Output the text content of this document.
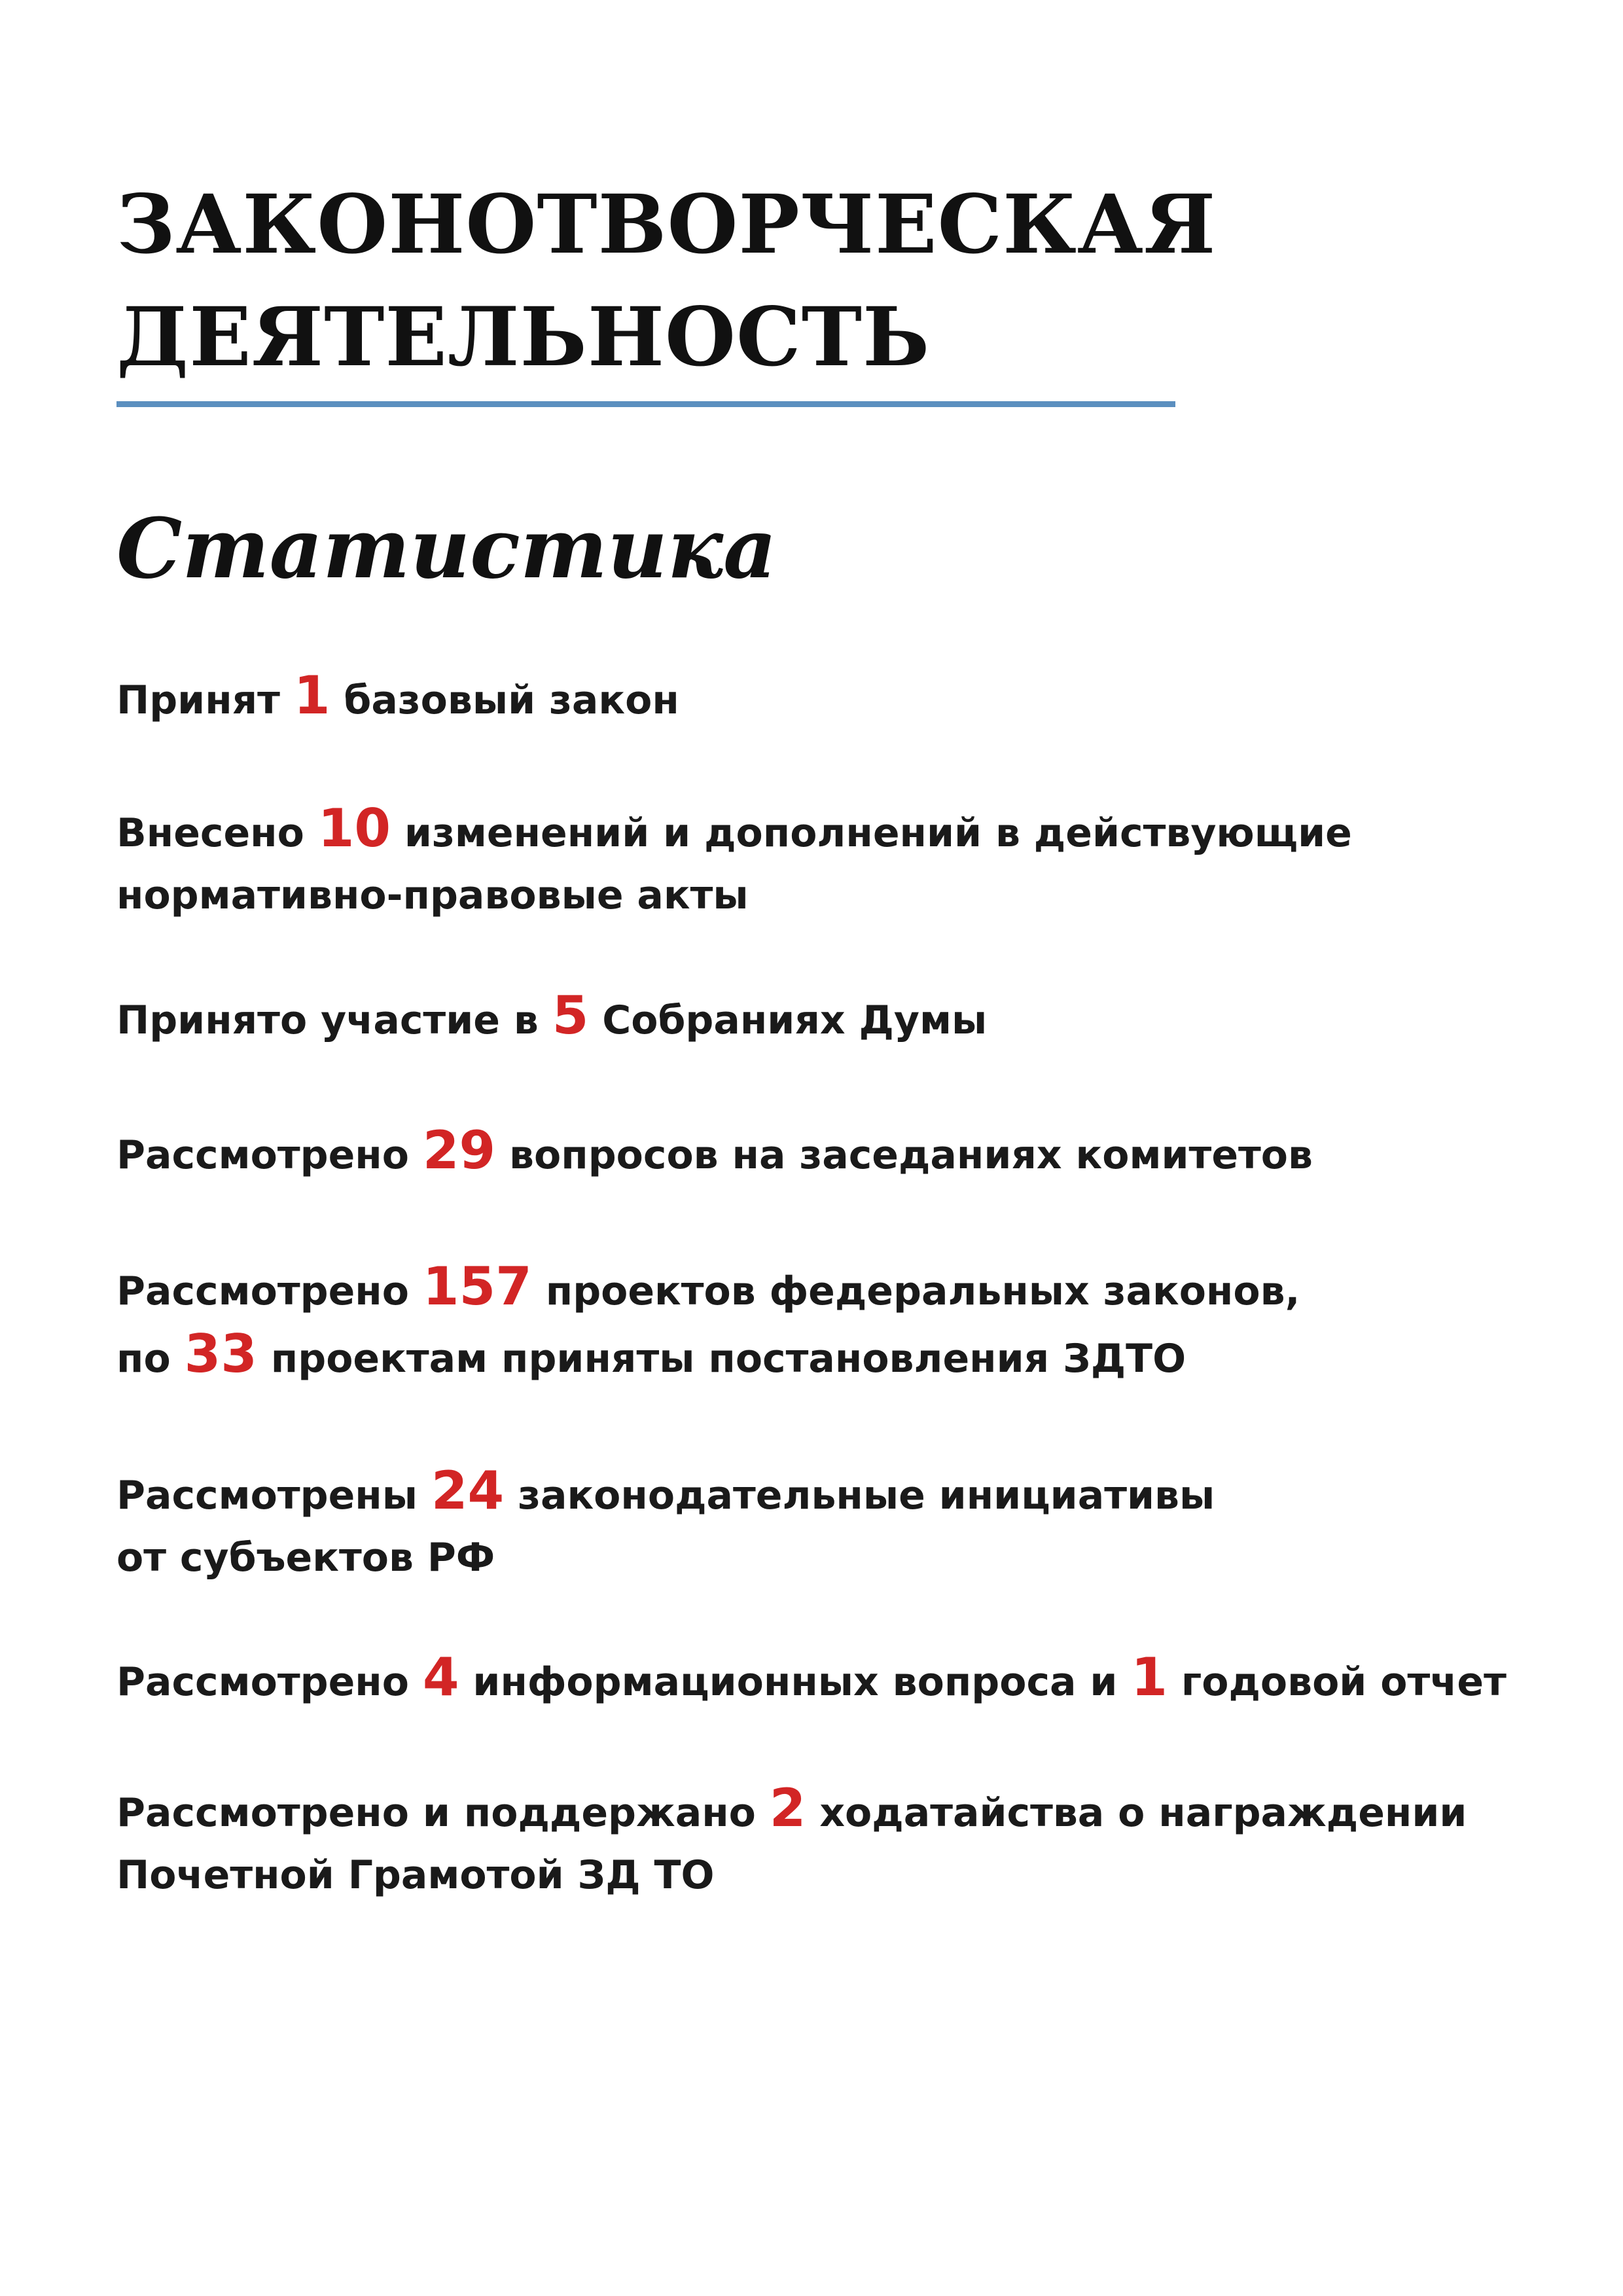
ЗАКОНОТВОРЧЕСКАЯ
ДЕЯТЕЛЬНОСТЬ
Статистика
Принят 1 базовый закон
Внесено 10 изменений и дополнений в действующие
нормативно-правовые акты
Принято участие в 5 Собраниях Думы
Рассмотрено 29 вопросов на заседаниях комитетов
Рассмотрено 157 проектов федеральных законов,
по 33 проектам приняты постановления ЗДТО
Рассмотрены 24 законодательные инициативы
от субъектов РФ
Рассмотрено 4 информационных вопроса и 1 годовой отчет
Рассмотрено и поддержано 2 ходатайства о награждении
Почетной Грамотой ЗД ТО
